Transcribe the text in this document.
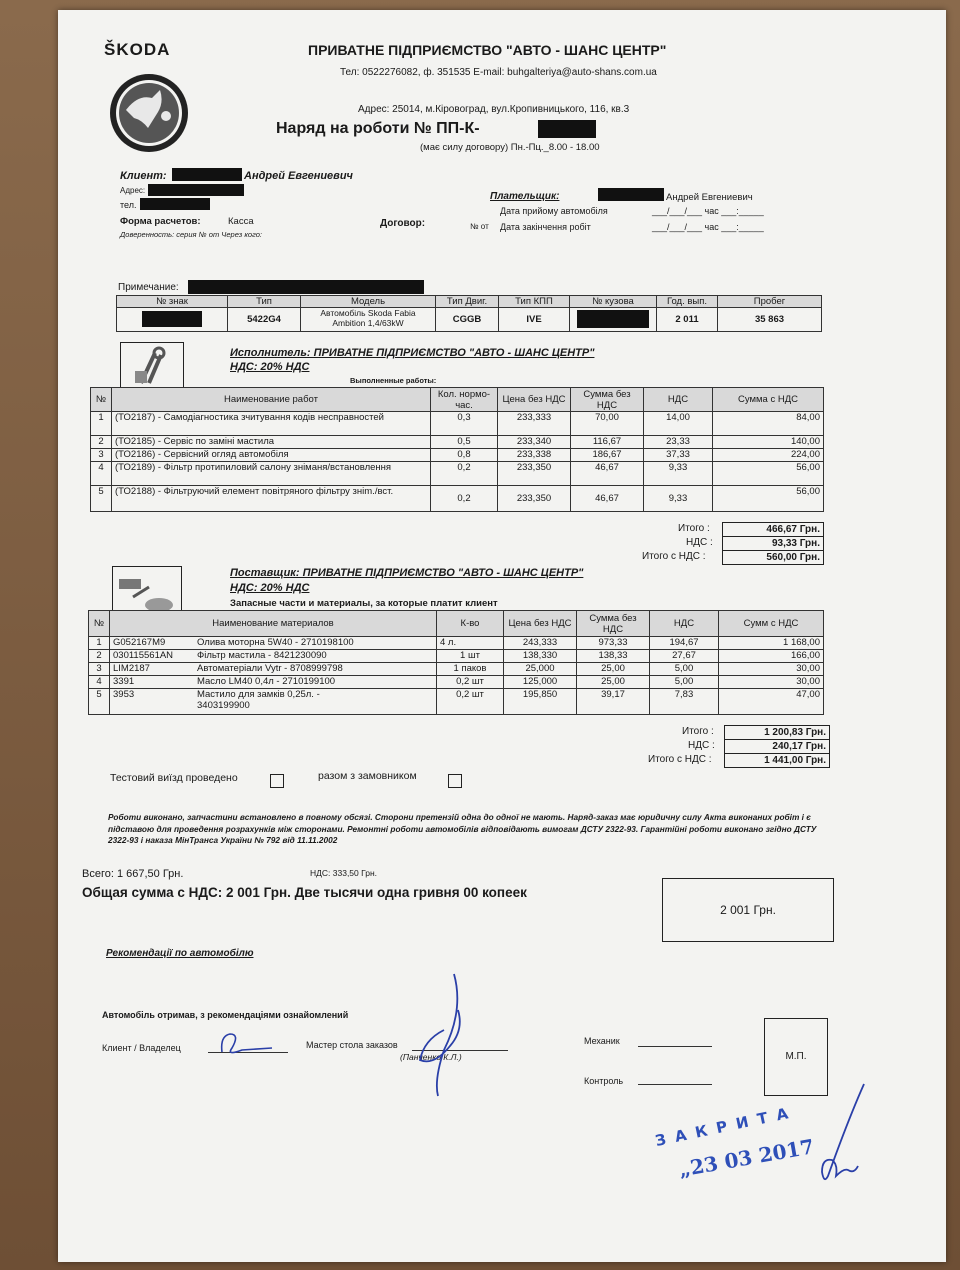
ŠKODA	ПРИВАТНЕ ПІДПРИЄМСТВО "АВТО - ШАНС ЦЕНТР"
Тел: 0522276082, ф. 351535 E-mail: buhgalteriya@auto-shans.com.ua
Адрес: 25014, м.Кіровоград, вул.Кропивницького, 116, кв.3
Наряд на роботи № ПП-К-
(має силу договору) Пн.-Пц._8.00 - 18.00
Клиент:	Андрей Евгениевич
Адрес:
тел.
Форма расчетов:	Касса
Доверенность: серия № от Через кого:
Договор:
Плательщик:	Андрей Евгениевич
Дата прийому автомобіля	___/___/___ час ___:_____
№ от Дата закінчення робіт	___/___/___ час ___:_____
Примечание:
№ знак	Тип	Модель	Тип Двиг.	Тип КПП	№ кузова	Год. вып.	Пробег

	5422G4	Автомобіль Skoda Fabia Ambition 1,4/63kW	CGGB	IVE		2 011	35 863
Исполнитель: ПРИВАТНЕ ПІДПРИЄМСТВО "АВТО - ШАНС ЦЕНТР"
НДС: 20% НДС
Выполненные работы:
№	Наименование работ	Кол. нормо-час.	Цена без НДС	Сумма без НДС	НДС	Сумма с НДС
1	(ТО2187) - Самодіагностика зчитування кодів несправностей	0,3	233,333	70,00	14,00	84,00
2	(ТО2185) - Сервіс по заміні мастила	0,5	233,340	116,67	23,33	140,00
3	(ТО2186) - Сервісний огляд автомобіля	0,8	233,338	186,67	37,33	224,00
4	(ТО2189) - Фільтр протипиловий салону зніманя/встановлення	0,2	233,350	46,67	9,33	56,00
5	(ТО2188) - Фільтруючий елемент повітряного фільтру зніm./вст.	0,2	233,350	46,67	9,33	56,00
Итого :	466,67 Грн.
НДС :	93,33 Грн.
Итого с НДС :	560,00 Грн.
Поставщик: ПРИВАТНЕ ПІДПРИЄМСТВО "АВТО - ШАНС ЦЕНТР"
НДС: 20% НДС
Запасные части и материалы, за которые платит клиент
№	Наименование материалов	К-во	Цена без НДС	Сумма без НДС	НДС	Сумм с НДС
1	G052167M9 Олива моторна 5W40 - 2710198100	4 л.	243,333	973,33	194,67	1 168,00
2	030115561AN Фільтр мастила - 8421230090	1 шт	138,330	138,33	27,67	166,00
3	LIM2187 Автоматеріали Vytr - 8708999798	1 паков	25,000	25,00	5,00	30,00
4	3391 Масло LM40 0,4л - 2710199100	0,2 шт	125,000	25,00	5,00	30,00
5	3953 Мастило для замків 0,25л. - 3403199900	0,2 шт	195,850	39,17	7,83	47,00
Итого :	1 200,83 Грн.
НДС :	240,17 Грн.
Итого с НДС :	1 441,00 Грн.
Тестовий виїзд проведено	разом з замовником
Роботи виконано, запчастини встановлено в повному обсязі. Сторони претензій одна до одної не мають. Наряд-заказ має юридичну силу Акта виконаних робіт і є підставою для проведення розрахунків між сторонами. Ремонтні роботи автомобілів відповідають вимогам ДСТУ 2322-93. Гарантійні роботи виконано згідно ДСТУ 2322-93 і наказа МінТранса України № 792 від 11.11.2002
Всего: 1 667,50 Грн.	НДС: 333,50 Грн.
Общая сумма с НДС: 2 001 Грн. Две тысячи одна гривня 00 копеек
2 001 Грн.
Рекомендації по автомобілю
Автомобіль отримав, з рекомендаціями ознайомлений
Клиент / Владелец	Мастер стола заказов
(Панченко К.Л.)
Механик
Контроль
М.П.
З А К Р И Т А
„23 03 2017
